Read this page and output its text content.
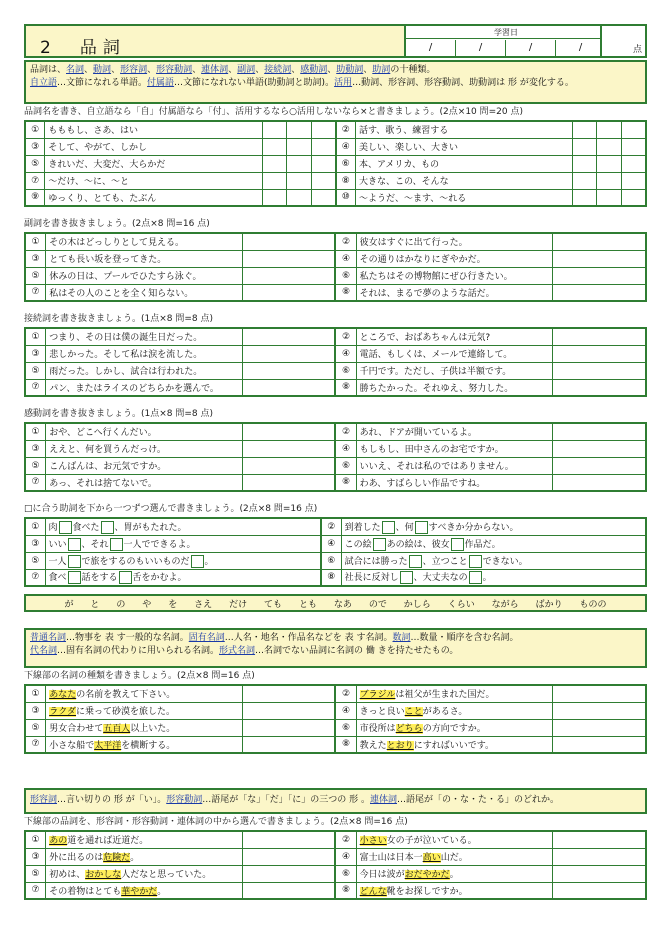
2　 品詞
学習日
/	/	/	/	点
品詞は、名詞、動詞、形容詞、形容動詞、連体詞、副詞、接続詞、感動詞、助動詞、助詞の十種類。
自立語…文節になれる単語。付属語…文節になれない単語(助動詞と助詞)。活用…動詞、形容詞、形容動詞、助動詞は 形 が変化する。
品詞名を書き、自立語なら「自」付属語なら「付」、活用するなら○活用しないなら×と書きましょう。(2点×10 問=20 点)
①	もももし、さあ、はい				②	話す、歌う、練習する			
③	そして、やがて、しかし				④	美しい、楽しい、大きい			
⑤	きれいだ、大変だ、大らかだ				⑥	本、アメリカ、もの			
⑦	～だけ、～に、～と				⑧	大きな、この、そんな			
⑨	ゆっくり、とても、たぶん				⑩	～ようだ、～ます、～れる			
副詞を書き抜きましょう。(2点×8 問=16 点)
①	その木はどっしりとして見える。		②	彼女はすぐに出て行った。	
③	とても長い坂を登ってきた。		④	その通りはかなりにぎやかだ。	
⑤	休みの日は、プールでひたすら泳ぐ。		⑥	私たちはその博物館にぜひ行きたい。	
⑦	私はその人のことを全く知らない。		⑧	それは、まるで夢のような話だ。	
接続詞を書き抜きましょう。(1点×8 問=8 点)
①	つまり、その日は僕の誕生日だった。		②	ところで、おばあちゃんは元気?	
③	悲しかった。そして私は涙を流した。		④	電話、もしくは、メールで連絡して。	
⑤	雨だった。しかし、試合は行われた。		⑥	千円です。ただし、子供は半額です。	
⑦	パン、またはライスのどちらかを選んで。		⑧	勝ちたかった。それゆえ、努力した。	
感動詞を書き抜きましょう。(1点×8 問=8 点)
①	おや、どこへ行くんだい。		②	あれ、ドアが開いているよ。	
③	ええと、何を買うんだっけ。		④	もしもし、田中さんのお宅ですか。	
⑤	こんばんは、お元気ですか。		⑥	いいえ、それは私のではありません。	
⑦	あっ、それは捨てないで。		⑧	わあ、すばらしい作品ですね。	
□に合う助詞を下から一つずつ選んで書きましょう。(2点×8 問=16 点)
①	肉 食べた 、胃がもたれた。	②	到着した 、何 すべきか分からない。
③	いい 、それ 一人でできるよ。	④	この絵 あの絵は、彼女 作品だ。
⑤	一人 で旅をするのもいいものだ 。	⑥	試合には勝った 、立つこと できない。
⑦	食べ 話をする 舌をかむよ。	⑧	社長に反対し 、大丈夫なの 。
が と の や を さえ だけ ても とも なあ ので かしら くらい ながら ばかり ものの
普通名詞…物事を 表 す一般的な名詞。固有名詞…人名・地名・作品名などを 表 す名詞。数詞…数量・順序を含む名詞。
代名詞…固有名詞の代わりに用いられる名詞。形式名詞…名詞でない品詞に名詞の 働 きを持たせたもの。
下線部の名詞の種類を書きましょう。(2点×8 問=16 点)
①	あなたの名前を教えて下さい。		②	ブラジルは祖父が生まれた国だ。	
③	ラクダに乗って砂漠を旅した。		④	きっと良いことがあるさ。	
⑤	男女合わせて五百人以上いた。		⑥	市役所はどちらの方向ですか。	
⑦	小さな船で太平洋を横断する。		⑧	教えたとおりにすればいいです。	
形容詞…言い切りの 形 が「い」。形容動詞…語尾が「な」「だ」「に」の三つの 形 。連体詞…語尾が「の・な・た・る」のどれか。
下線部の品詞を、形容詞・形容動詞・連体詞の中から選んで書きましょう。(2点×8 問=16 点)
①	あの道を通れば近道だ。		②	小さい女の子が泣いている。	
③	外に出るのは危険だ。		④	富士山は日本一高い山だ。	
⑤	初めは、おかしな人だなと思っていた。		⑥	今日は波がおだやかだ。	
⑦	その着物はとても華やかだ。		⑧	どんな靴をお探しですか。	
